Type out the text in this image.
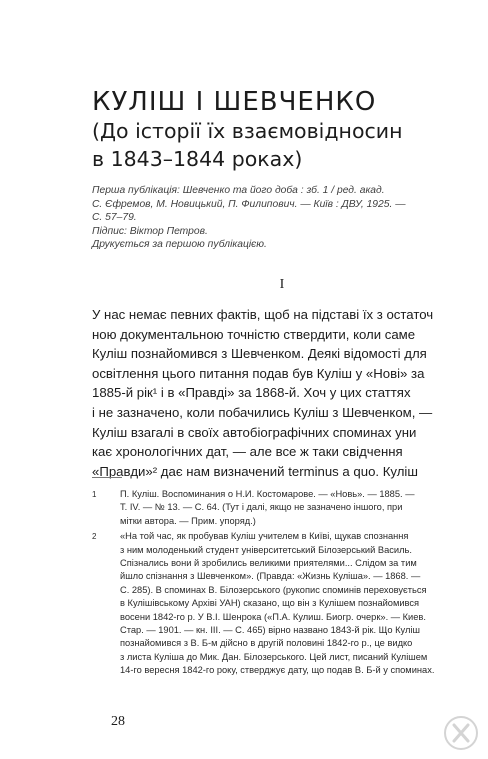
КУЛІШ І ШЕВЧЕНКО
(До історії їх взаємовідносин
в 1843–1844 роках)
Перша публікація: Шевченко та його доба : зб. 1 / ред. акад.
С. Єфремов, М. Новицький, П. Филипович. — Київ : ДВУ, 1925. —
С. 57–79.
Підпис: Віктор Петров.
Друкується за першою публікацією.
I
У нас немає певних фактів, щоб на підставі їх з остаточ
ною документальною точністю ствердити, коли саме
Куліш познайомився з Шевченком. Деякі відомості для
освітлення цього питання подав був Куліш у «Нові» за
1885-й рік¹ і в «Правді» за 1868-й. Хоч у цих статтях
і не зазначено, коли побачились Куліш з Шевченком, —
Куліш взагалі в своїх автобіографічних споминах уни
кає хронологічних дат, — але все ж таки свідчення
«Правди»² дає нам визначений terminus a quo. Куліш
1	П. Куліш. Воспоминания о Н.И. Костомарове. — «Новь». — 1885. —
Т. IV. — № 13. — С. 64. (Тут і далі, якщо не зазначено іншого, при
мітки автора. — Прим. упоряд.)
2	«На той час, як пробував Куліш учителем в Київі, щукав спознання
з ним молоденький студент університетський Білозерський Василь.
Спізнались вони й зробились великими приятелями... Слідом за тим
йшло спізнання з Шевченком». (Правда: «Жизнь Куліша». — 1868. —
С. 285). В споминах В. Білозерського (рукопис споминів переховується
в Кулішівському Архіві УАН) сказано, що він з Кулішем познайомився
восени 1842-го р. У В.І. Шенрока («П.А. Кулиш. Биогр. очерк». — Киев.
Стар. — 1901. — кн. ІІІ. — С. 465) вірно названо 1843-й рік. Що Куліш
познайомився з В. Б-м дійсно в другій половині 1842-го р., це видко
з листа Куліша до Мик. Дан. Білозерського. Цей лист, писаний Кулішем
14-го вересня 1842-го року, стверджує дату, що подав В. Б-й у споминах.
28
